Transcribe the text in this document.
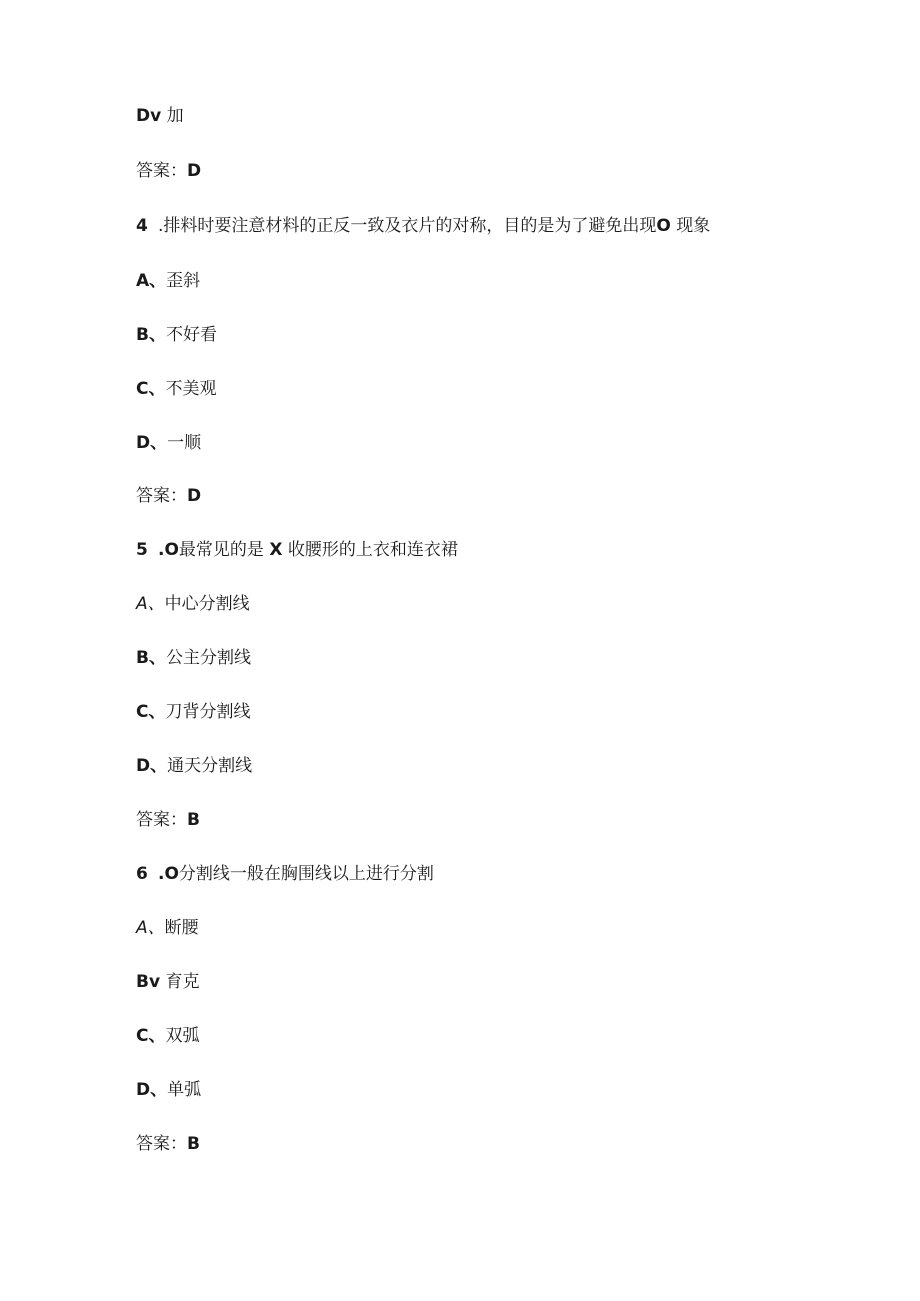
Dv 加
答案：D
4 .排料时要注意材料的正反一致及衣片的对称，目的是为了避免出现O 现象
A、歪斜
B、不好看
C、不美观
D、一顺
答案：D
5 .O最常见的是 X 收腰形的上衣和连衣裙
A、中心分割线
B、公主分割线
C、刀背分割线
D、通天分割线
答案：B
6 .O分割线一般在胸围线以上进行分割
A、断腰
Bv 育克
C、双弧
D、单弧
答案：B
